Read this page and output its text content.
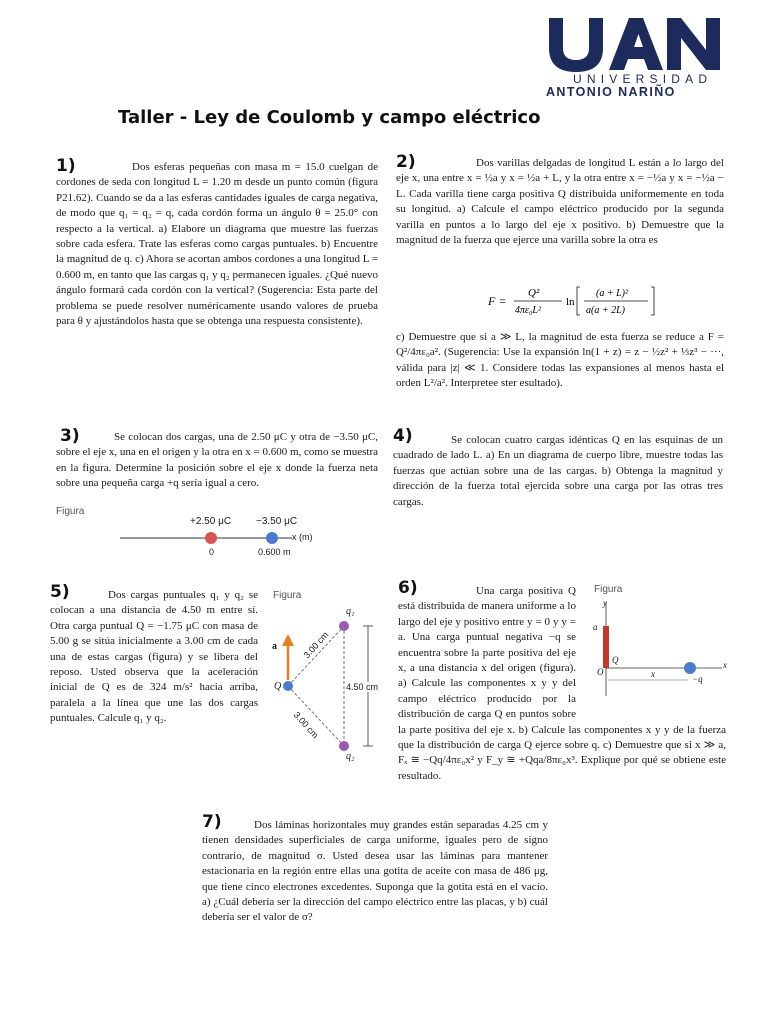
UNIVERSIDAD
ANTONIO NARIÑO
Taller - Ley de Coulomb y campo eléctrico
1)	Dos esferas pequeñas con masa m = 15.0 cuelgan de cordones de seda con longitud L = 1.20 m desde un punto común (figura P21.62). Cuando se da a las esferas cantidades iguales de carga negativa, de modo que q₁ = q₂ = q, cada cordón forma un ángulo θ = 25.0° con respecto a la vertical. a) Elabore un diagrama que muestre las fuerzas sobre cada esfera. Trate las esferas como cargas puntuales. b) Encuentre la magnitud de q. c) Ahora se acortan ambos cordones a una longitud L = 0.600 m, en tanto que las cargas q₁ y q₂ permanecen iguales. ¿Qué nuevo ángulo formará cada cordón con la vertical? (Sugerencia: Esta parte del problema se puede resolver numéricamente usando valores de prueba para θ y ajustándolos hasta que se obtenga una respuesta consistente).
2)	Dos varillas delgadas de longitud L están a lo largo del eje x, una entre x = ½a y x = ½a + L, y la otra entre x = −½a y x = −½a − L. Cada varilla tiene carga positiva Q distribuida uniformemente en toda su longitud. a) Calcule el campo eléctrico producido por la segunda varilla en puntos a lo largo del eje x positivo. b) Demuestre que la magnitud de la fuerza que ejerce una varilla sobre la otra es
F =
Q²
4πε₀L²
ln
(a + L)²
a(a + 2L)
c) Demuestre que si a ≫ L, la magnitud de esta fuerza se reduce a F = Q²/4πε₀a². (Sugerencia: Use la expansión ln(1 + z) = z − ½z² + ⅓z³ − ···, válida para |z| ≪ 1. Considere todas las expansiones al menos hasta el orden L²/a². Interpretee ster esultado).
3)	Se colocan dos cargas, una de 2.50 μC y otra de −3.50 μC, sobre el eje x, una en el origen y la otra en x = 0.600 m, como se muestra en la figura. Determine la posición sobre el eje x donde la fuerza neta sobre una pequeña carga +q sería igual a cero.
Figura
+2.50 μC −3.50 μC
x (m)
0	0.600 m
4)	Se colocan cuatro cargas idénticas Q en las esquinas de un cuadrado de lado L. a) En un diagrama de cuerpo libre, muestre todas las fuerzas que actúan sobre una de las cargas. b) Obtenga la magnitud y dirección de la fuerza total ejercida sobre una carga por las otras tres cargas.
5)	Dos cargas puntuales q₁ y q₂ se colocan a una distancia de 4.50 m entre sí. Otra carga puntual Q = −1.75 μC con masa de 5.00 g se sitúa inicialmente a 3.00 cm de cada una de estas cargas (figura) y se libera del reposo. Usted observa que la aceleración inicial de Q es de 324 m/s² hacia arriba, paralela a la línea que une las dos cargas puntuales. Calcule q₁ y q₂.
Figura
q₁
q₂
Q
a⃗ 3.00 cm
3.00 cm
4.50 cm
6)	Una carga positiva Q está distribuida de manera uniforme a lo largo del eje y positivo entre y = 0 y y = a. Una carga puntual negativa −q se encuentra sobre la parte positiva del eje x, a una distancia x del origen (figura). a) Calcule las componentes x y y del campo eléctrico producido por la distribución de carga Q en puntos sobre la parte positiva del eje x. b) Calcule las componentes x y y de la fuerza que la distribución de carga Q ejerce sobre q. c) Demuestre que si x ≫ a, Fₓ ≅ −Qq/4πε₀x² y F_y ≅ +Qqa/8πε₀x³. Explique por qué se obtiene este resultado.
Figura
y
a
Q
O	x
x
−q
7)	Dos láminas horizontales muy grandes están separadas 4.25 cm y tienen densidades superficiales de carga uniforme, iguales pero de signo contrario, de magnitud σ. Usted desea usar las láminas para mantener estacionaria en la región entre ellas una gotita de aceite con masa de 486 μg, que tiene cinco electrones excedentes. Suponga que la gotita está en el vacío. a) ¿Cuál debería ser la dirección del campo eléctrico entre las placas, y b) cuál debería ser el valor de σ?
